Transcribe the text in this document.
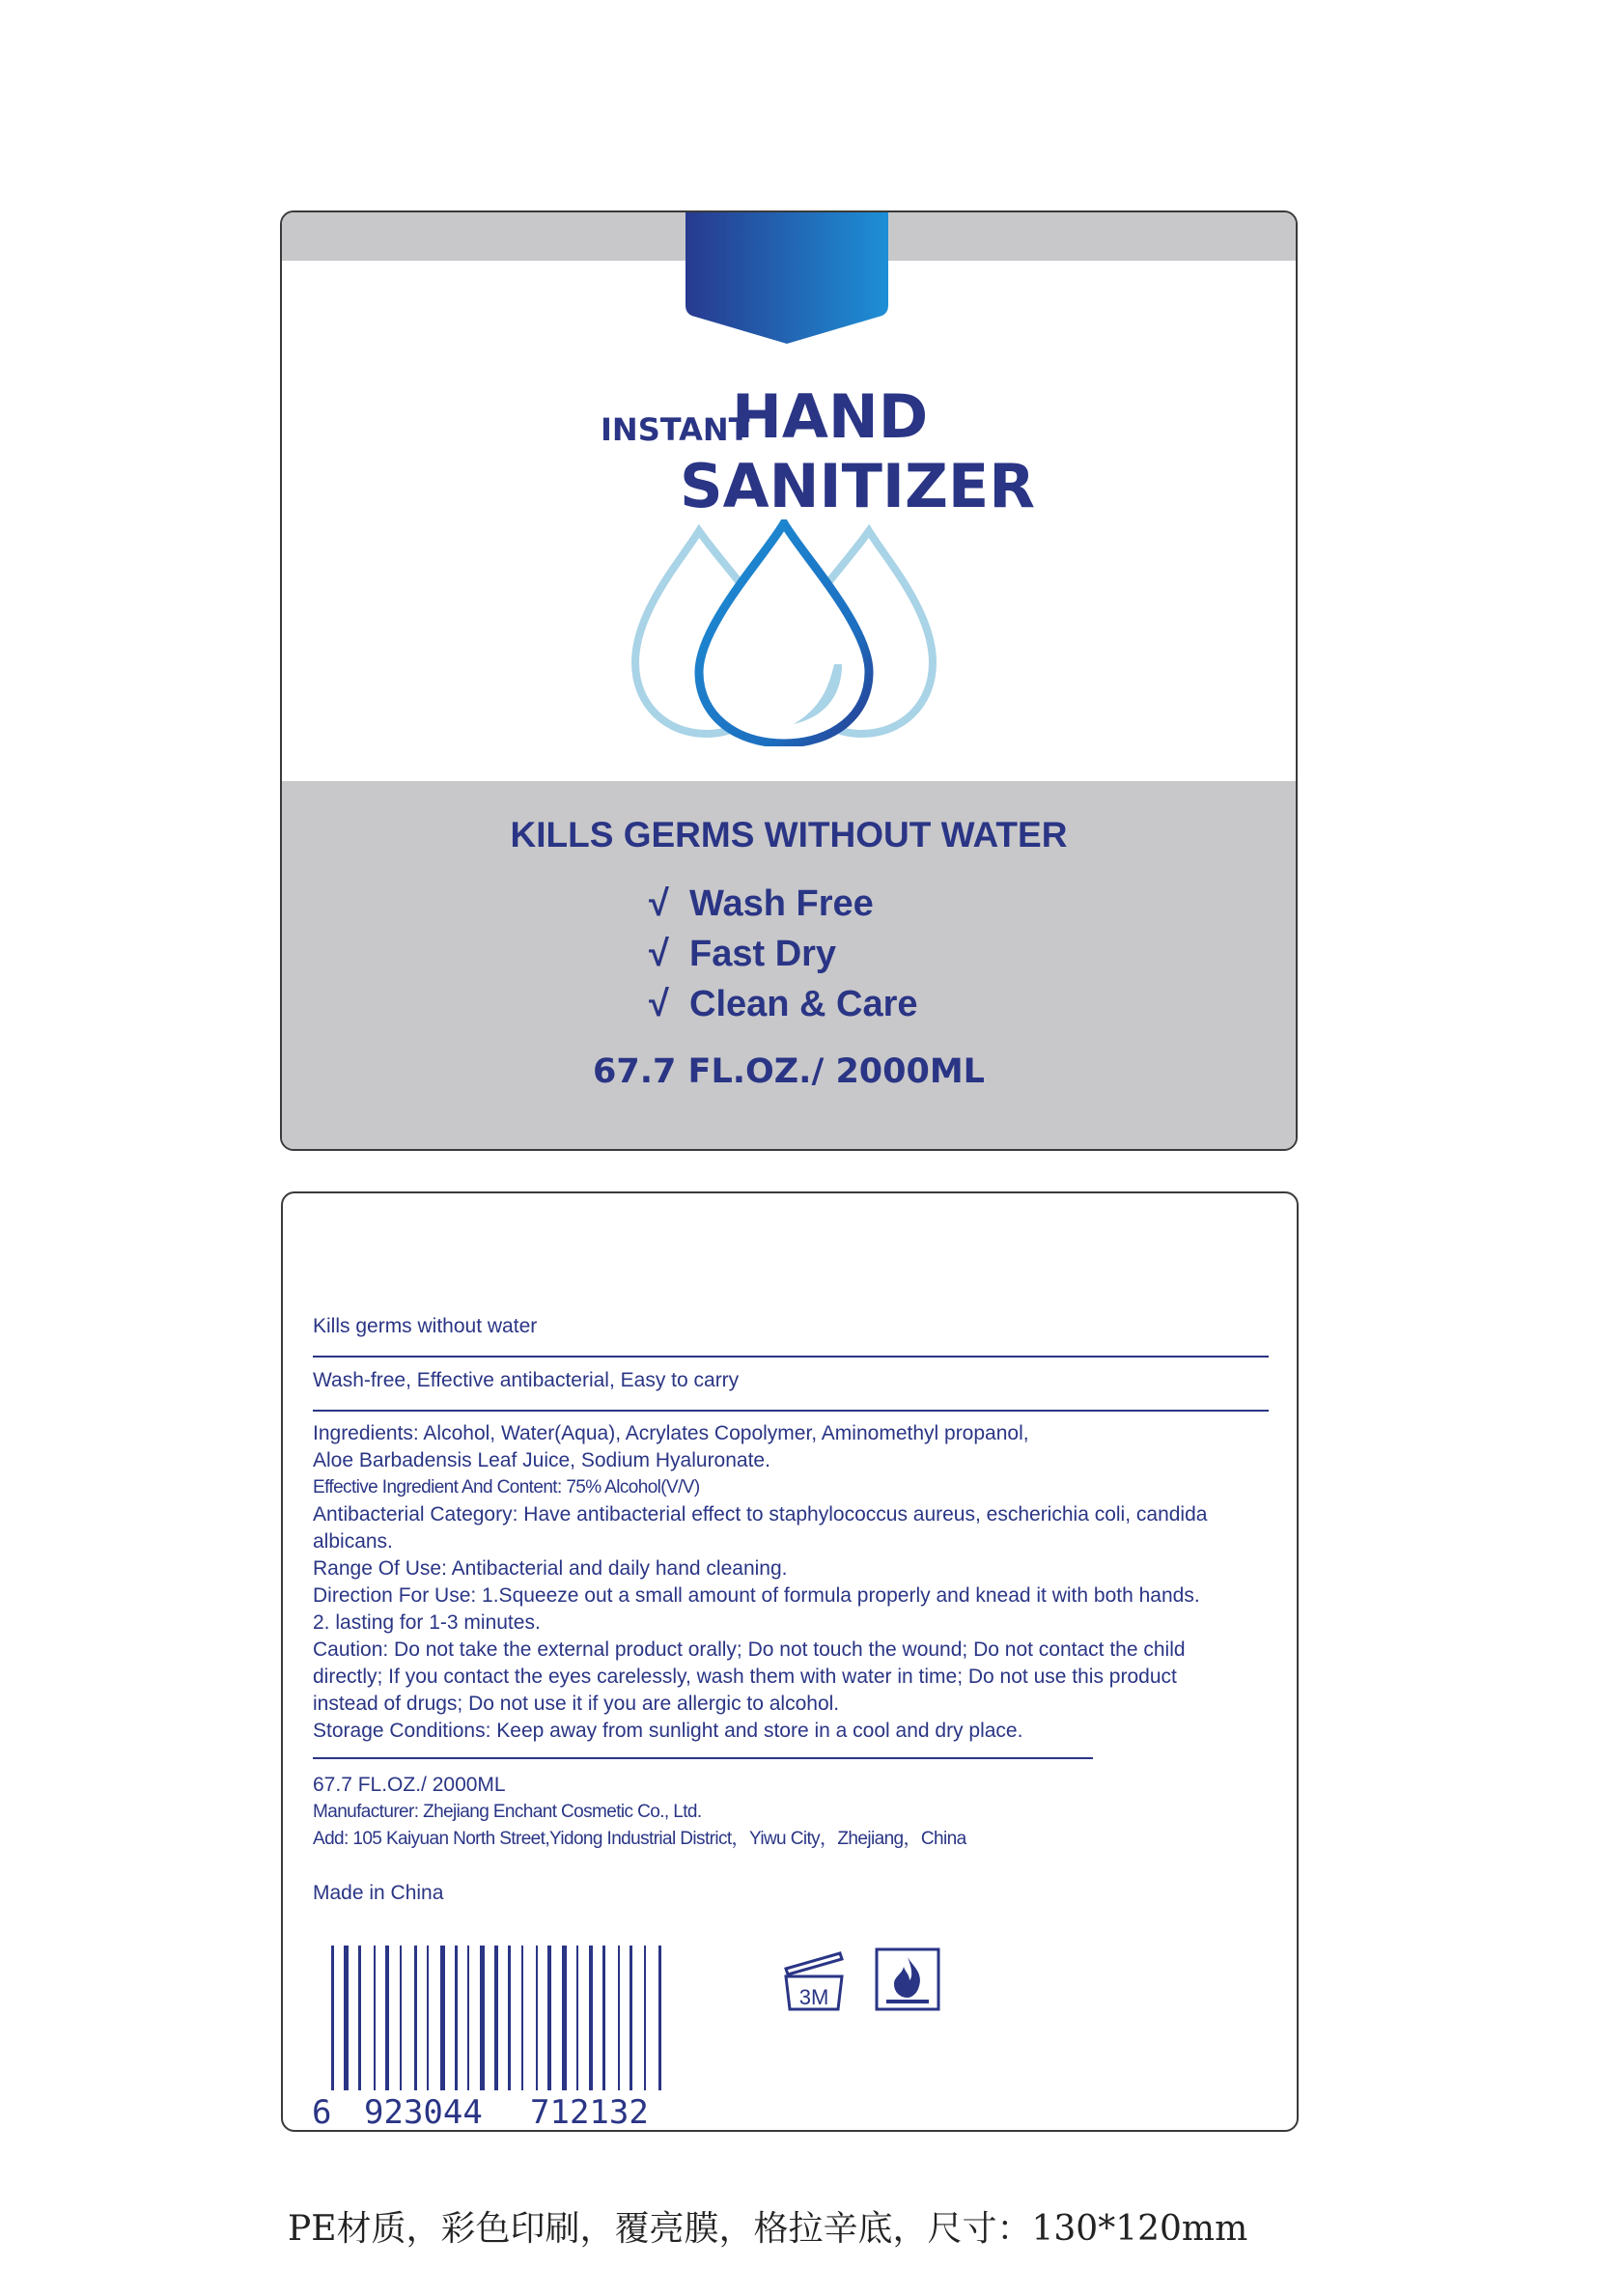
INSTANT
HAND
SANITIZER
KILLS GERMS WITHOUT WATER
√ Wash Free
√ Fast Dry
√ Clean & Care
67.7 FL.OZ./ 2000ML
Kills germs without water
Wash-free, Effective antibacterial, Easy to carry
Ingredients: Alcohol, Water(Aqua), Acrylates Copolymer, Aminomethyl propanol,
Aloe Barbadensis Leaf Juice, Sodium Hyaluronate.
Effective Ingredient And Content: 75% Alcohol(V/V)
Antibacterial Category: Have antibacterial effect to staphylococcus aureus, escherichia coli, candida
albicans.
Range Of Use: Antibacterial and daily hand cleaning.
Direction For Use: 1.Squeeze out a small amount of formula properly and knead it with both hands.
2. lasting for 1-3 minutes.
Caution: Do not take the external product orally; Do not touch the wound; Do not contact the child
directly; If you contact the eyes carelessly, wash them with water in time; Do not use this product
instead of drugs; Do not use it if you are allergic to alcohol.
Storage Conditions: Keep away from sunlight and store in a cool and dry place.
67.7 FL.OZ./ 2000ML
Manufacturer: Zhejiang Enchant Cosmetic Co., Ltd.
Add: 105 Kaiyuan North Street,Yidong Industrial District，Yiwu City，Zhejiang，China
Made in China
6 923044 712132
3M
PE材质，彩色印刷，覆亮膜，格拉辛底，尺寸：130*120mm
